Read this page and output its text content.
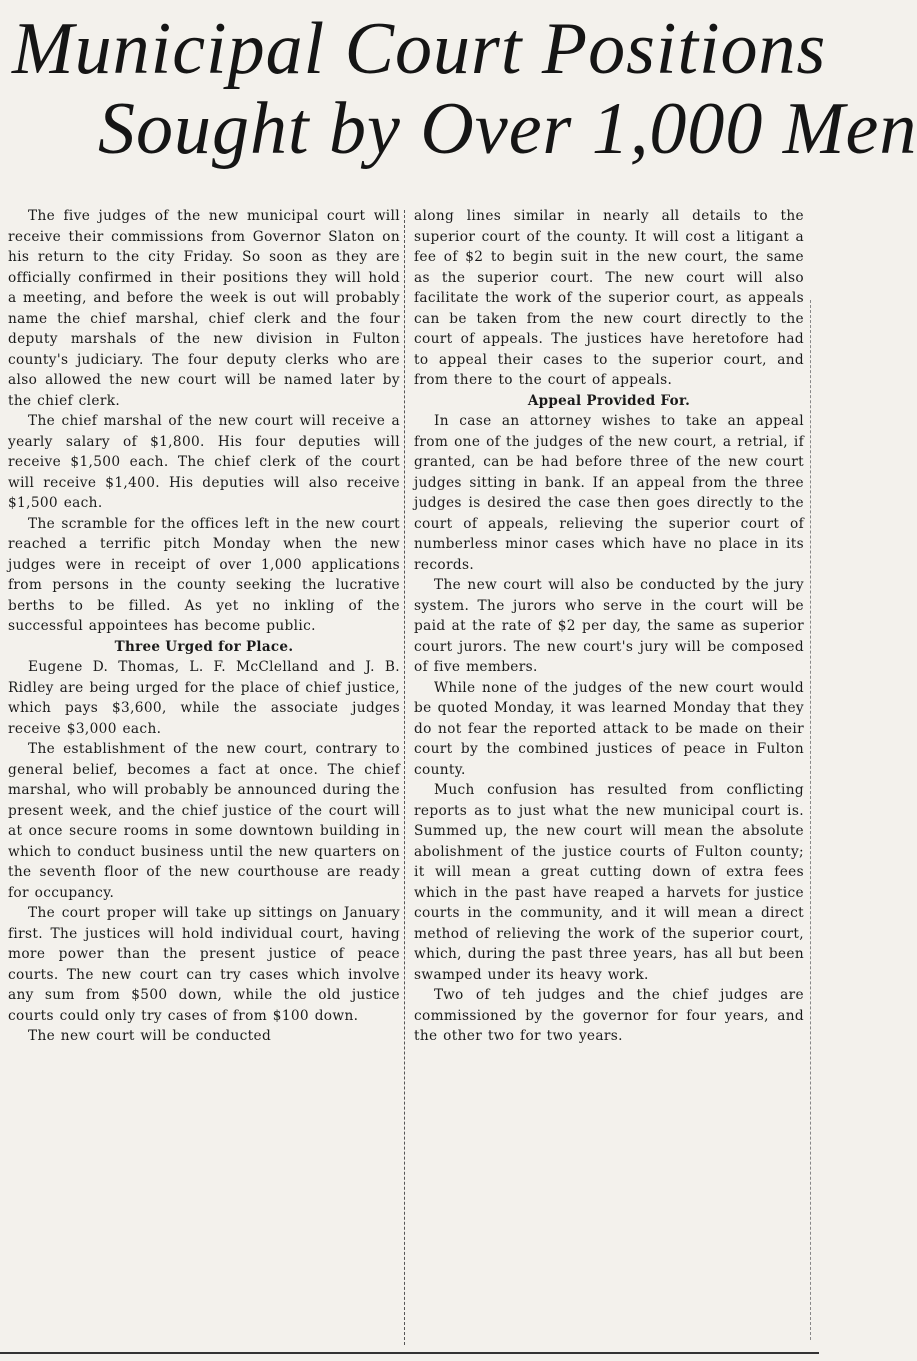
Municipal Court Positions
Sought by Over 1,000 Men

The five judges of the new municipal court will receive their commissions from Governor Slaton on his return to the city Friday. So soon as they are officially confirmed in their positions they will hold a meeting, and before the week is out will probably name the chief marshal, chief clerk and the four deputy marshals of the new division in Fulton county's judiciary. The four deputy clerks who are also allowed the new court will be named later by the chief clerk.

The chief marshal of the new court will receive a yearly salary of $1,800. His four deputies will receive $1,500 each. The chief clerk of the court will receive $1,400. His deputies will also receive $1,500 each.

The scramble for the offices left in the new court reached a terrific pitch Monday when the new judges were in receipt of over 1,000 applications from persons in the county seeking the lucrative berths to be filled. As yet no inkling of the successful appointees has become public.

Three Urged for Place.

Eugene D. Thomas, L. F. McClelland and J. B. Ridley are being urged for the place of chief justice, which pays $3,600, while the associate judges receive $3,000 each.

The establishment of the new court, contrary to general belief, becomes a fact at once. The chief marshal, who will probably be announced during the present week, and the chief justice of the court will at once secure rooms in some downtown building in which to conduct business until the new quarters on the seventh floor of the new courthouse are ready for occupancy.

The court proper will take up sittings on January first. The justices will hold individual court, having more power than the present justice of peace courts. The new court can try cases which involve any sum from $500 down, while the old justice courts could only try cases of from $100 down.

The new court will be conducted

along lines similar in nearly all details to the superior court of the county. It will cost a litigant a fee of $2 to begin suit in the new court, the same as the superior court. The new court will also facilitate the work of the superior court, as appeals can be taken from the new court directly to the court of appeals. The justices have heretofore had to appeal their cases to the superior court, and from there to the court of appeals.

Appeal Provided For.

In case an attorney wishes to take an appeal from one of the judges of the new court, a retrial, if granted, can be had before three of the new court judges sitting in bank. If an appeal from the three judges is desired the case then goes directly to the court of appeals, relieving the superior court of numberless minor cases which have no place in its records.

The new court will also be conducted by the jury system. The jurors who serve in the court will be paid at the rate of $2 per day, the same as superior court jurors. The new court's jury will be composed of five members.

While none of the judges of the new court would be quoted Monday, it was learned Monday that they do not fear the reported attack to be made on their court by the combined justices of peace in Fulton county.

Much confusion has resulted from conflicting reports as to just what the new municipal court is. Summed up, the new court will mean the absolute abolishment of the justice courts of Fulton county; it will mean a great cutting down of extra fees which in the past have reaped a harvets for justice courts in the community, and it will mean a direct method of relieving the work of the superior court, which, during the past three years, has all but been swamped under its heavy work.

Two of teh judges and the chief judges are commissioned by the governor for four years, and the other two for two years.
